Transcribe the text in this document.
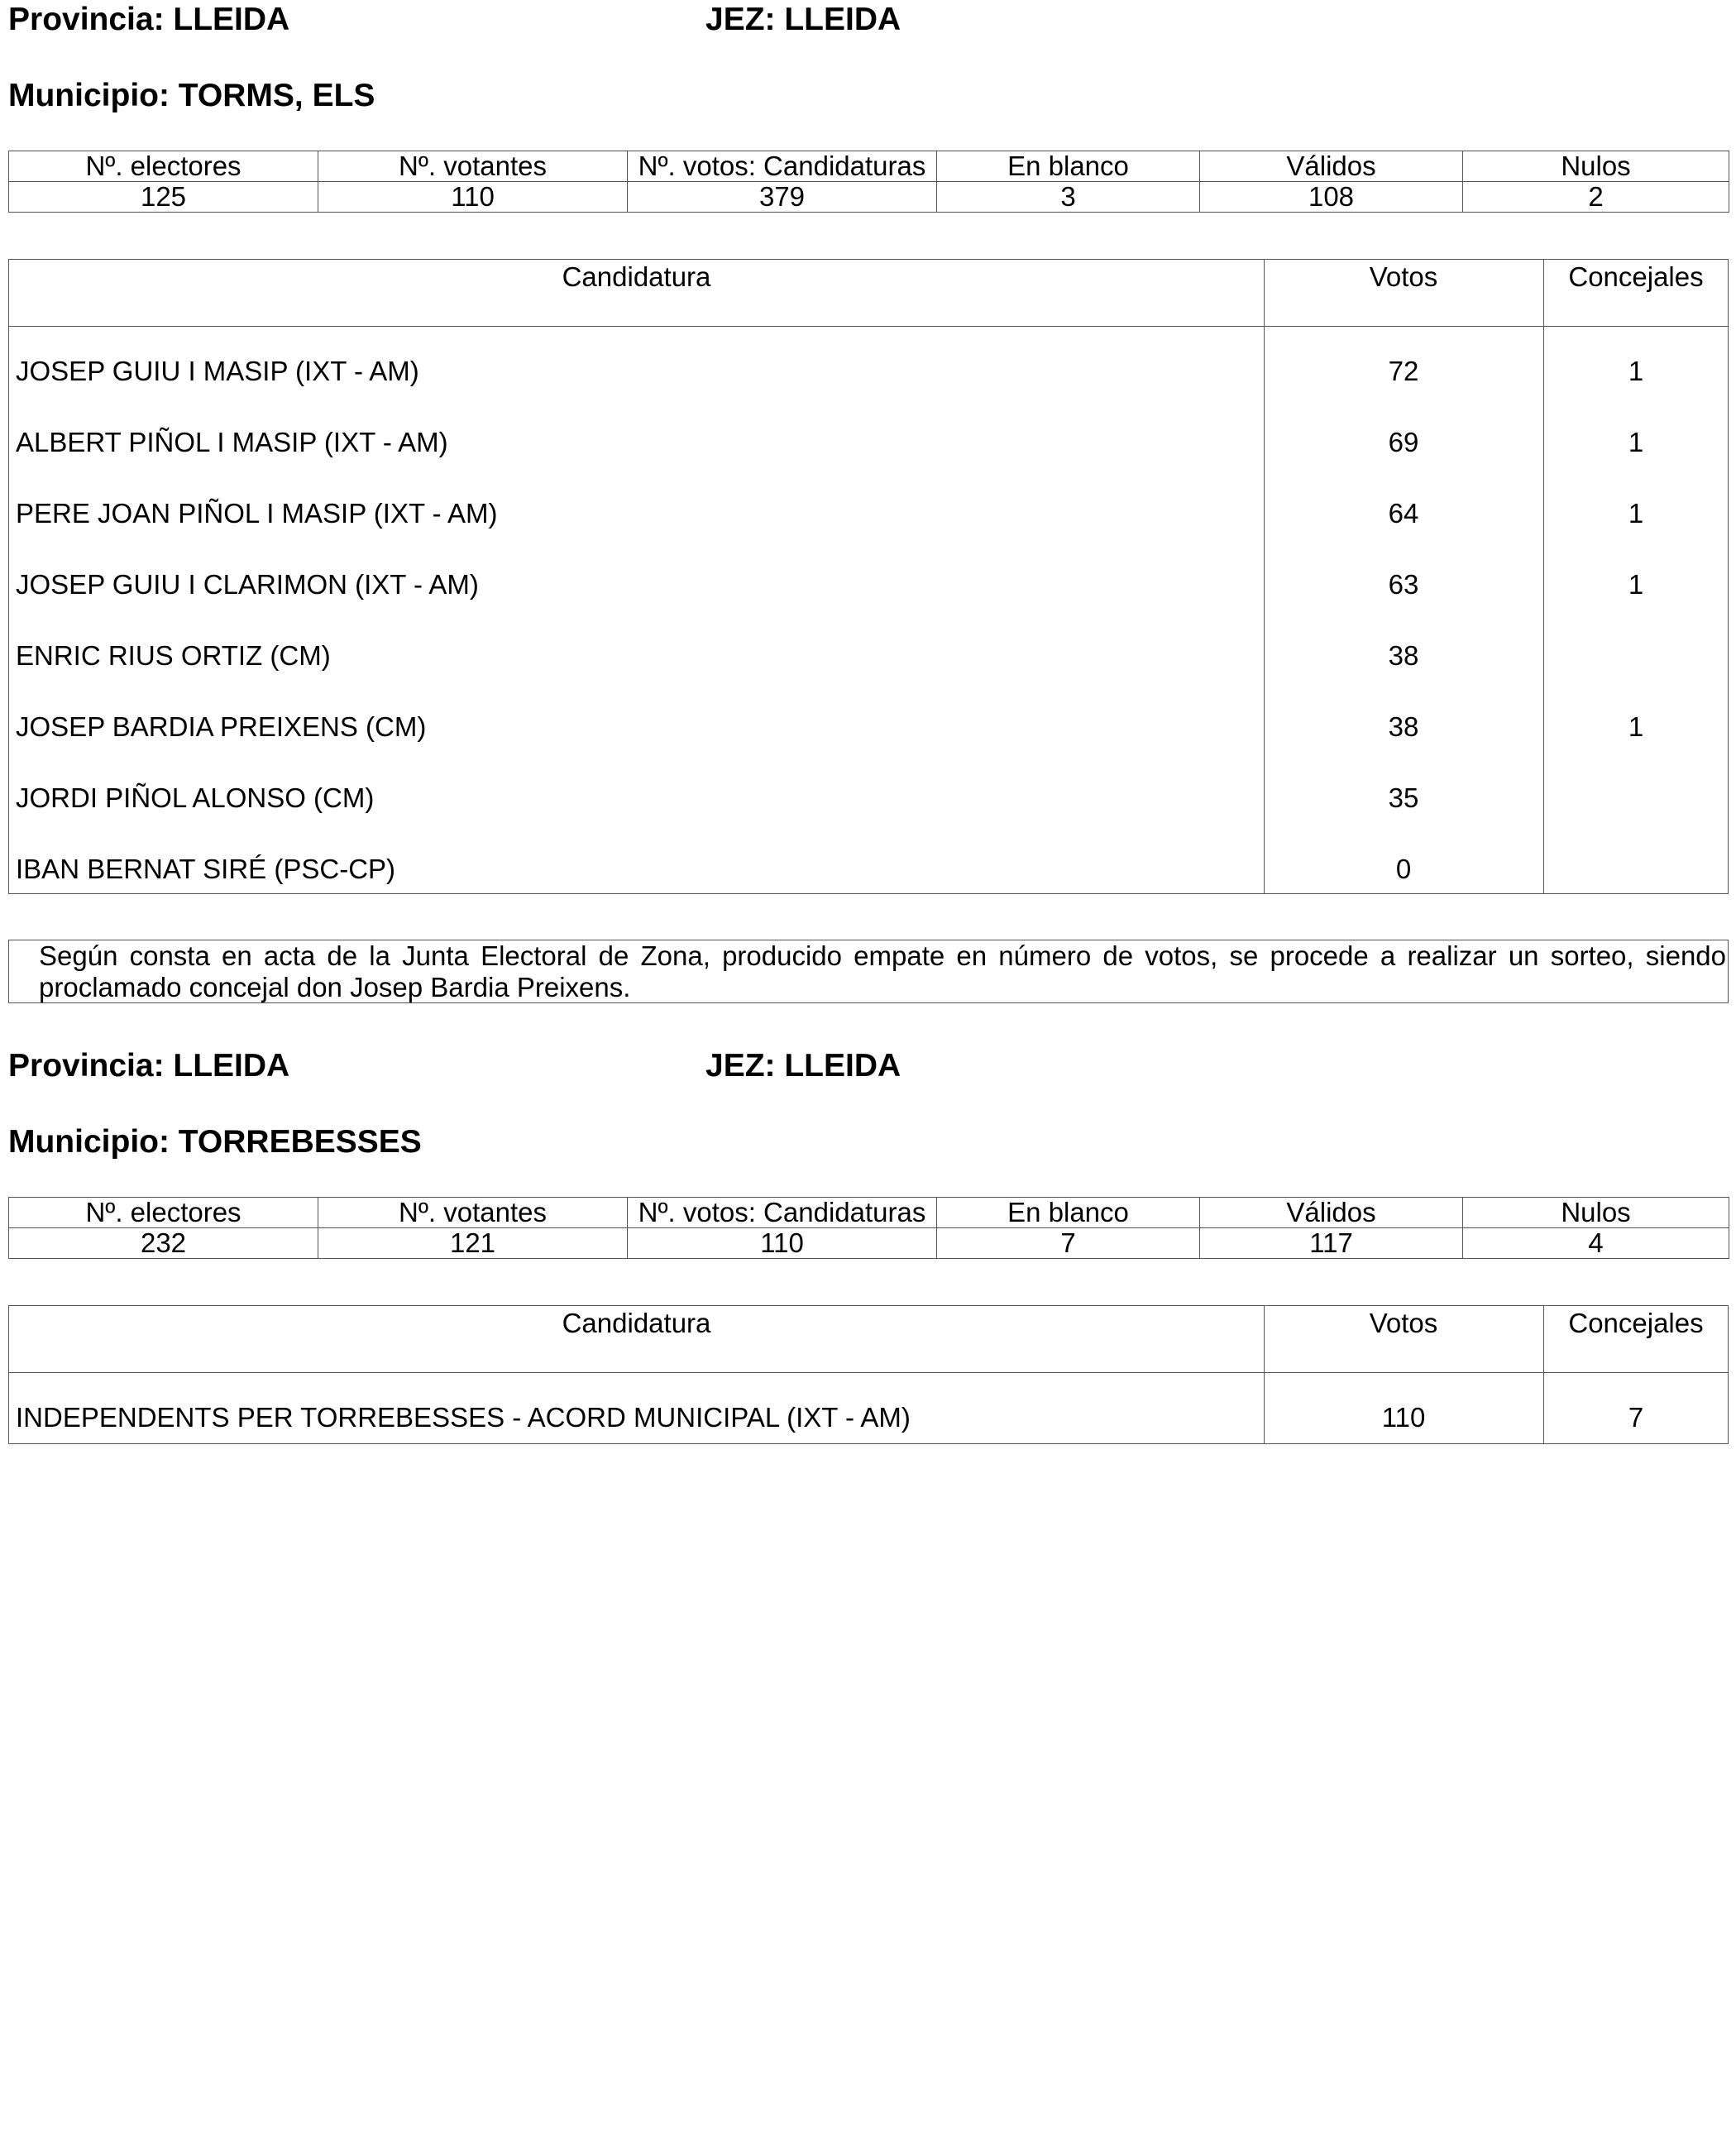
Provincia: LLEIDA	JEZ: LLEIDA
Municipio: TORMS, ELS
Nº. electores	Nº. votantes	Nº. votos: Candidaturas	En blanco	Válidos	Nulos
125	110	379	3	108	2
Candidatura	Votos	Concejales
JOSEP GUIU I MASIP (IXT - AM)	72	1
ALBERT PIÑOL I MASIP (IXT - AM)	69	1
PERE JOAN PIÑOL I MASIP (IXT - AM)	64	1
JOSEP GUIU I CLARIMON (IXT - AM)	63	1
ENRIC RIUS ORTIZ (CM)	38
JOSEP BARDIA PREIXENS (CM)	38	1
JORDI PIÑOL ALONSO (CM)	35
IBAN BERNAT SIRÉ (PSC-CP)	0
Según consta en acta de la Junta Electoral de Zona, producido empate en número de votos, se procede a realizar un sorteo, siendo proclamado concejal don Josep Bardia Preixens.
Provincia: LLEIDA	JEZ: LLEIDA
Municipio: TORREBESSES
Nº. electores	Nº. votantes	Nº. votos: Candidaturas	En blanco	Válidos	Nulos
232	121	110	7	117	4
Candidatura	Votos	Concejales
INDEPENDENTS PER TORREBESSES - ACORD MUNICIPAL (IXT - AM)	110	7
